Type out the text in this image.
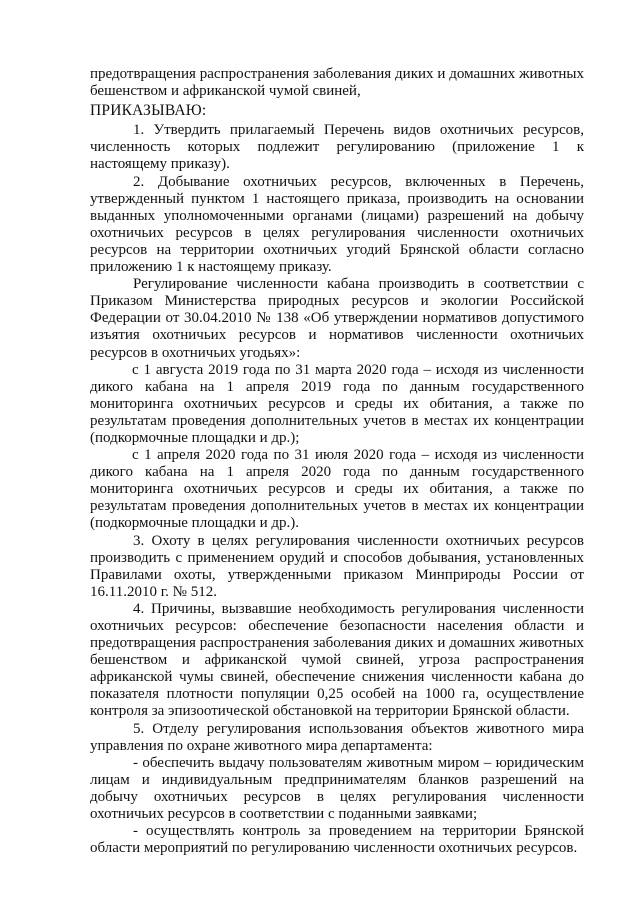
предотвращения распространения заболевания диких и домашних животных бешенством и африканской чумой свиней,

ПРИКАЗЫВАЮ:

1. Утвердить прилагаемый Перечень видов охотничьих ресурсов, численность которых подлежит регулированию (приложение 1 к настоящему приказу).

2. Добывание охотничьих ресурсов, включенных в Перечень, утвержденный пунктом 1 настоящего приказа, производить на основании выданных уполномоченными органами (лицами) разрешений на добычу охотничьих ресурсов в целях регулирования численности охотничьих ресурсов на территории охотничьих угодий Брянской области согласно приложению 1 к настоящему приказу.

Регулирование численности кабана производить в соответствии с Приказом Министерства природных ресурсов и экологии Российской Федерации от 30.04.2010 № 138 «Об утверждении нормативов допустимого изъятия охотничьих ресурсов и нормативов численности охотничьих ресурсов в охотничьих угодьях»:

с 1 августа 2019 года по 31 марта 2020 года – исходя из численности дикого кабана на 1 апреля 2019 года по данным государственного мониторинга охотничьих ресурсов и среды их обитания, а также по результатам проведения дополнительных учетов в местах их концентрации (подкормочные площадки и др.);

с 1 апреля 2020 года по 31 июля 2020 года – исходя из численности дикого кабана на 1 апреля 2020 года по данным государственного мониторинга охотничьих ресурсов и среды их обитания, а также по результатам проведения дополнительных учетов в местах их концентрации (подкормочные площадки и др.).

3. Охоту в целях регулирования численности охотничьих ресурсов производить с применением орудий и способов добывания, установленных Правилами охоты, утвержденными приказом Минприроды России от 16.11.2010 г. № 512.

4. Причины, вызвавшие необходимость регулирования численности охотничьих ресурсов: обеспечение безопасности населения области и предотвращения распространения заболевания диких и домашних животных бешенством и африканской чумой свиней, угроза распространения африканской чумы свиней, обеспечение снижения численности кабана до показателя плотности популяции 0,25 особей на 1000 га, осуществление контроля за эпизоотической обстановкой на территории Брянской области.

5. Отделу регулирования использования объектов животного мира управления по охране животного мира департамента:

- обеспечить выдачу пользователям животным миром – юридическим лицам и индивидуальным предпринимателям бланков разрешений на добычу охотничьих ресурсов в целях регулирования численности охотничьих ресурсов в соответствии с поданными заявками;

- осуществлять контроль за проведением на территории Брянской области мероприятий по регулированию численности охотничьих ресурсов.
